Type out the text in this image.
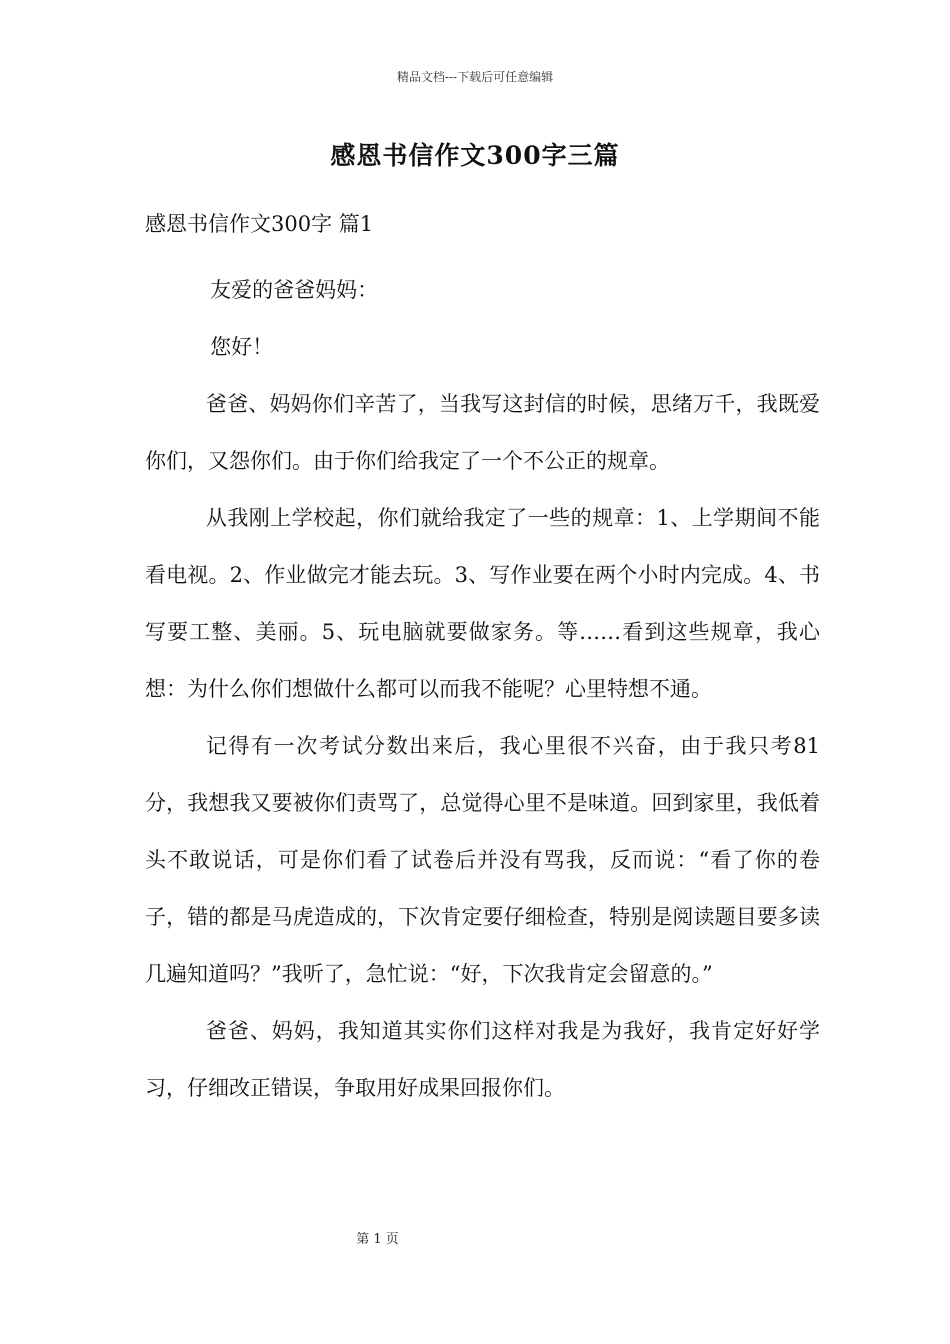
精品文档---下载后可任意编辑
感恩书信作文300字三篇
感恩书信作文300字 篇1

友爱的爸爸妈妈：

您好！

爸爸、妈妈你们辛苦了，当我写这封信的时候，思绪万千，我既爱你们，又怨你们。由于你们给我定了一个不公正的规章。

从我刚上学校起，你们就给我定了一些的规章：1、上学期间不能看电视。2、作业做完才能去玩。3、写作业要在两个小时内完成。4、书写要工整、美丽。5、玩电脑就要做家务。等……看到这些规章，我心想：为什么你们想做什么都可以而我不能呢？心里特想不通。

记得有一次考试分数出来后，我心里很不兴奋，由于我只考81分，我想我又要被你们责骂了，总觉得心里不是味道。回到家里，我低着头不敢说话，可是你们看了试卷后并没有骂我，反而说：“看了你的卷子，错的都是马虎造成的，下次肯定要仔细检查，特别是阅读题目要多读几遍知道吗？”我听了，急忙说：“好，下次我肯定会留意的。”

爸爸、妈妈，我知道其实你们这样对我是为我好，我肯定好好学习，仔细改正错误，争取用好成果回报你们。

第 1 页
